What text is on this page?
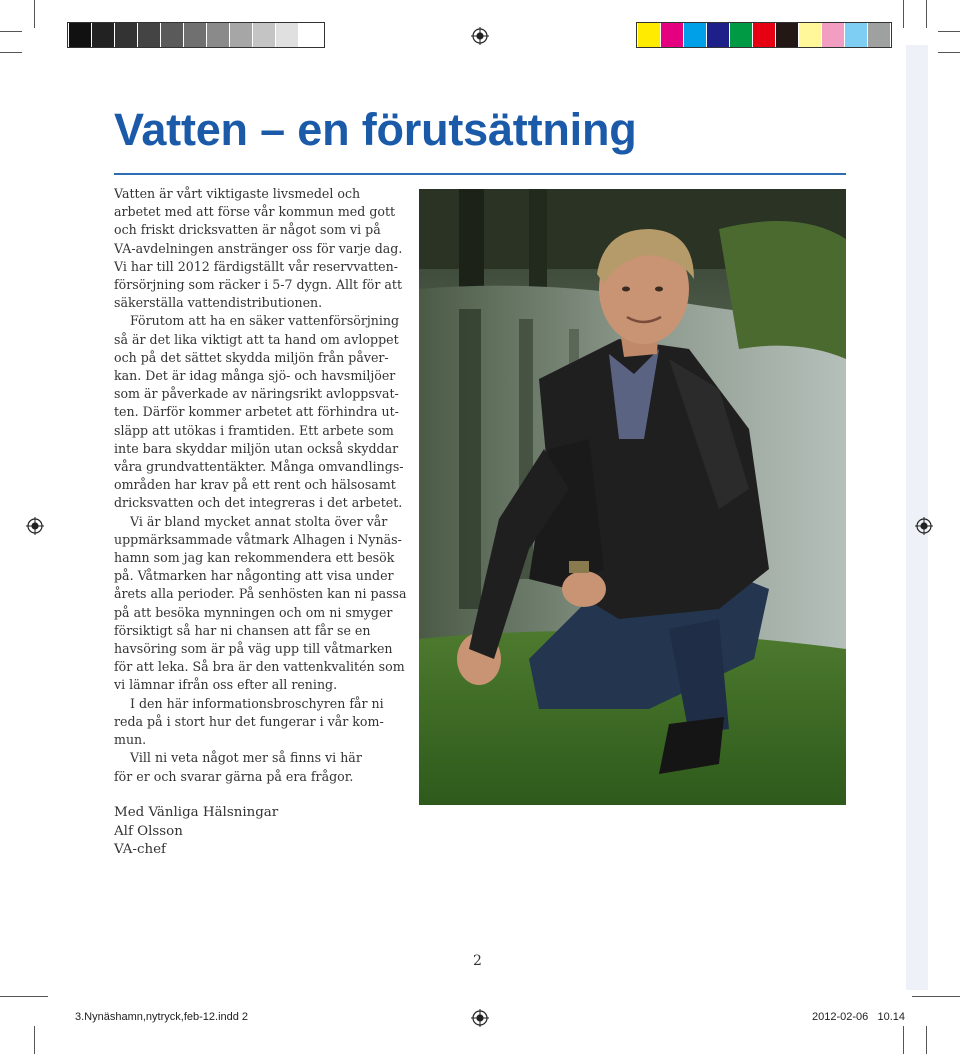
Vatten – en förutsättning

Vatten är vårt viktigaste livsmedel och

arbetet med att förse vår kommun med gott

och friskt dricksvatten är något som vi på

VA-avdelningen anstränger oss för varje dag.

Vi har till 2012 färdigställt vår reservvatten-

försörjning som räcker i 5-7 dygn. Allt för att

säkerställa vattendistributionen.

Förutom att ha en säker vattenförsörjning

så är det lika viktigt att ta hand om avloppet

och på det sättet skydda miljön från påver-

kan. Det är idag många sjö- och havsmiljöer

som är påverkade av näringsrikt avloppsvat-

ten. Därför kommer arbetet att förhindra ut-

släpp att utökas i framtiden. Ett arbete som

inte bara skyddar miljön utan också skyddar

våra grundvattentäkter. Många omvandlings-

områden har krav på ett rent och hälsosamt

dricksvatten och det integreras i det arbetet.

Vi är bland mycket annat stolta över vår

uppmärksammade våtmark Alhagen i Nynäs-

hamn som jag kan rekommendera ett besök

på. Våtmarken har någonting att visa under

årets alla perioder. På senhösten kan ni passa

på att besöka mynningen och om ni smyger

försiktigt så har ni chansen att får se en

havsöring som är på väg upp till våtmarken

för att leka. Så bra är den vattenkvalitén som

vi lämnar ifrån oss efter all rening.

I den här informationsbroschyren får ni

reda på i stort hur det fungerar i vår kom-

mun.

Vill ni veta något mer så finns vi här

för er och svarar gärna på era frågor.

Med Vänliga Hälsningar
Alf Olsson
VA-chef
2
3.Nynäshamn,nytryck,feb-12.indd 2	2012-02-06 10.14
